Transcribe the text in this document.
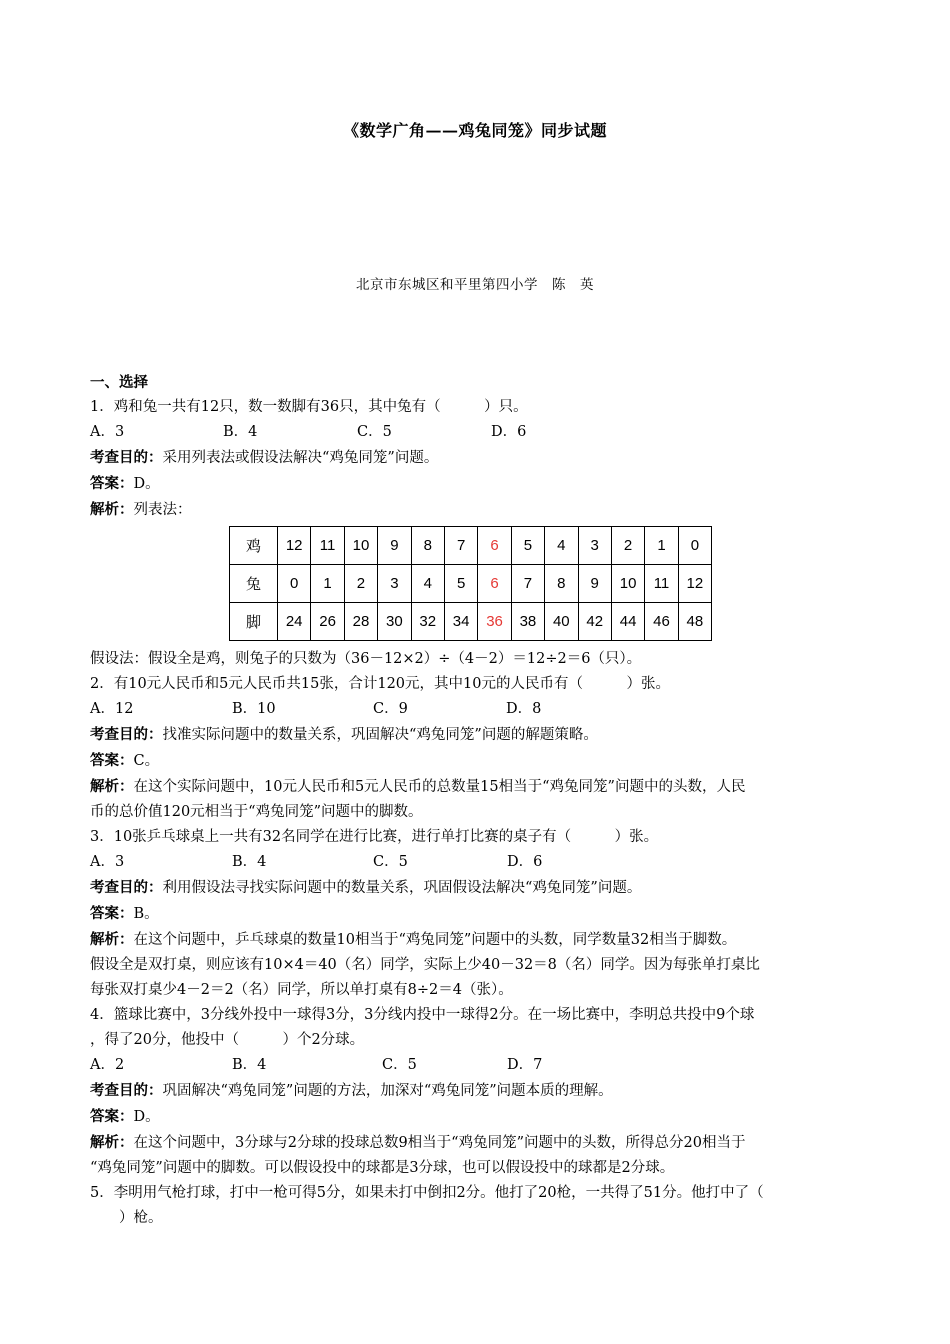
《数学广角——鸡兔同笼》同步试题
北京市东城区和平里第四小学　陈　英
一、选择
1．鸡和兔一共有12只，数一数脚有36只，其中兔有（　　　）只。
A．3	B．4	C．5	D．6
考查目的：采用列表法或假设法解决“鸡兔同笼”问题。
答案：D。
解析：列表法：
鸡	12	11	10	9	8	7	6	5	4	3	2	1	0
兔	0	1	2	3	4	5	6	7	8	9	10	11	12
脚	24	26	28	30	32	34	36	38	40	42	44	46	48
假设法：假设全是鸡，则兔子的只数为（36－12×2）÷（4－2）＝12÷2＝6（只）。
2．有10元人民币和5元人民币共15张，合计120元，其中10元的人民币有（　　　）张。
A．12	B．10	C．9	D．8
考查目的：找准实际问题中的数量关系，巩固解决“鸡兔同笼”问题的解题策略。
答案：C。
解析：在这个实际问题中，10元人民币和5元人民币的总数量15相当于“鸡兔同笼”问题中的头数，人民
币的总价值120元相当于“鸡兔同笼”问题中的脚数。
3．10张乒乓球桌上一共有32名同学在进行比赛，进行单打比赛的桌子有（　　　）张。
A．3	B．4	C．5	D．6
考查目的：利用假设法寻找实际问题中的数量关系，巩固假设法解决“鸡兔同笼”问题。
答案：B。
解析：在这个问题中，乒乓球桌的数量10相当于“鸡兔同笼”问题中的头数，同学数量32相当于脚数。
假设全是双打桌，则应该有10×4＝40（名）同学，实际上少40－32＝8（名）同学。因为每张单打桌比
每张双打桌少4－2＝2（名）同学，所以单打桌有8÷2＝4（张）。
4．篮球比赛中，3分线外投中一球得3分，3分线内投中一球得2分。在一场比赛中，李明总共投中9个球
，得了20分，他投中（　　　）个2分球。
A．2	B．4	C．5	D．7
考查目的：巩固解决“鸡兔同笼”问题的方法，加深对“鸡兔同笼”问题本质的理解。
答案：D。
解析：在这个问题中，3分球与2分球的投球总数9相当于“鸡兔同笼”问题中的头数，所得总分20相当于
“鸡兔同笼”问题中的脚数。可以假设投中的球都是3分球，也可以假设投中的球都是2分球。
5．李明用气枪打球，打中一枪可得5分，如果未打中倒扣2分。他打了20枪，一共得了51分。他打中了（
　　）枪。
